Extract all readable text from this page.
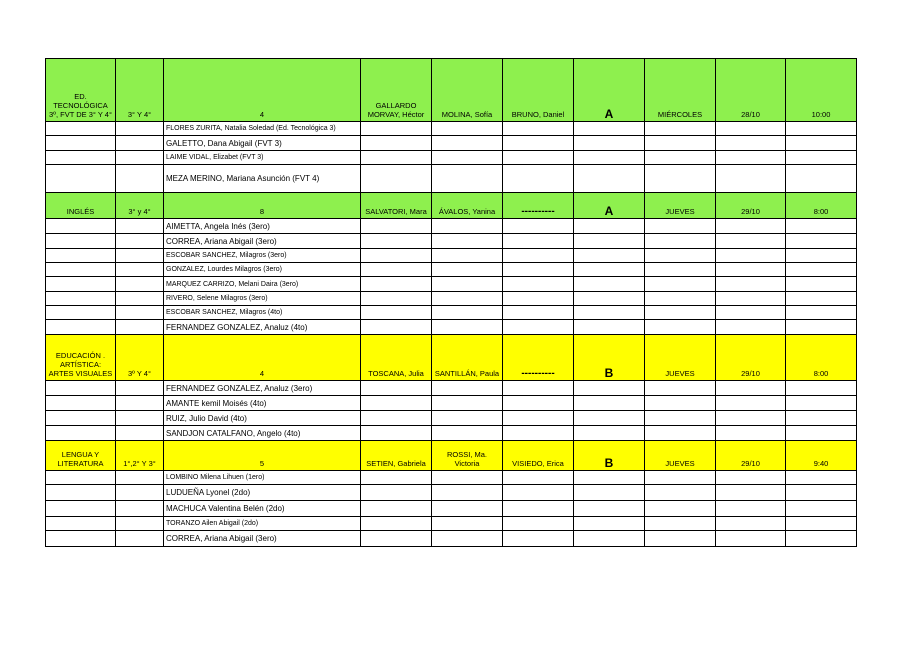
ED. TECNOLÓGICA 3º, FVT DE 3° Y 4°	3° Y 4°	4	GALLARDO MORVAY, Héctor	MOLINA, Sofía	BRUNO, Daniel	A	MIÉRCOLES	28/10	10:00
		FLORES ZURITA, Natalia Soledad (Ed. Tecnológica 3)							
		GALETTO, Dana Abigail (FVT 3)							
		LAIME VIDAL, Elizabet (FVT 3)							
		MEZA MERINO, Mariana Asunción (FVT 4)							
INGLÉS	3° y 4°	8	SALVATORI, Mara	ÁVALOS, Yanina	----------	A	JUEVES	29/10	8:00
		AIMETTA, Angela Inés (3ero)							
		CORREA, Ariana Abigail (3ero)							
		ESCOBAR SANCHEZ, Milagros (3ero)							
		GONZALEZ, Lourdes Milagros (3ero)							
		MARQUEZ CARRIZO, Melani Daira (3ero)							
		RIVERO, Selene Milagros (3ero)							
		ESCOBAR SANCHEZ, Milagros (4to)							
		FERNANDEZ GONZALEZ, Analuz (4to)							
EDUCACIÓN . ARTÍSTICA: ARTES VISUALES	3º Y 4°	4	TOSCANA, Julia	SANTILLÁN, Paula	----------	B	JUEVES	29/10	8:00
		FERNANDEZ GONZALEZ, Analuz (3ero)							
		AMANTE kemil Moisés (4to)							
		RUIZ, Julio David (4to)							
		SANDJON CATALFANO, Angelo (4to)							
LENGUA Y LITERATURA	1°,2° Y 3°	5	SETIEN, Gabriela	ROSSI, Ma. Victoria	VISIEDO, Erica	B	JUEVES	29/10	9:40
		LOMBINO Milena Lihuen (1ero)							
		LUDUEÑA Lyonel (2do)							
		MACHUCA Valentina Belén (2do)							
		TORANZO Ailen Abigail (2do)							
		CORREA, Ariana Abigail (3ero)							
